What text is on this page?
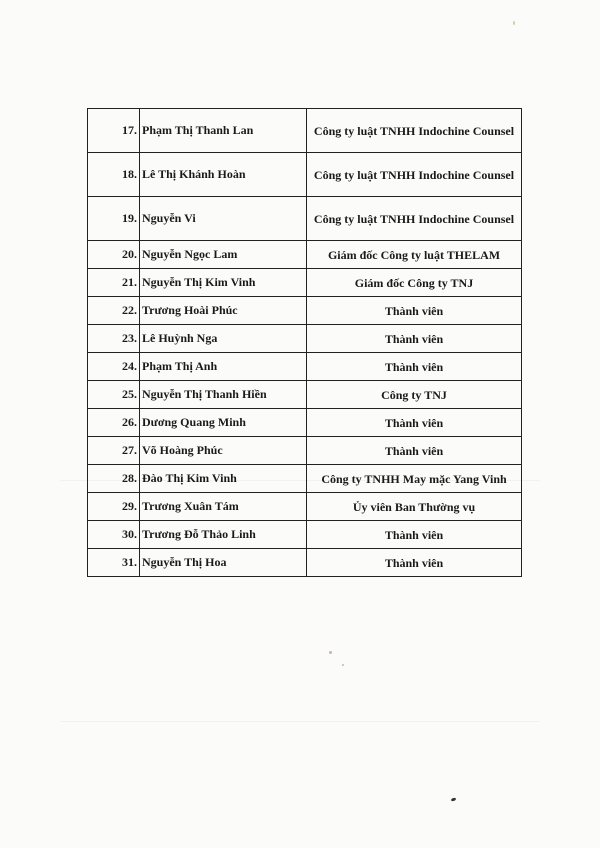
17.	Phạm Thị Thanh Lan	Công ty luật TNHH Indochine Counsel
18.	Lê Thị Khánh Hoàn	Công ty luật TNHH Indochine Counsel
19.	Nguyễn Vi	Công ty luật TNHH Indochine Counsel
20.	Nguyễn Ngọc Lam	Giám đốc Công ty luật THELAM
21.	Nguyễn Thị Kim Vinh	Giám đốc Công ty TNJ
22.	Trương Hoài Phúc	Thành viên
23.	Lê Huỳnh Nga	Thành viên
24.	Phạm Thị Anh	Thành viên
25.	Nguyễn Thị Thanh Hiền	Công ty TNJ
26.	Dương Quang Minh	Thành viên
27.	Võ Hoàng Phúc	Thành viên
28.	Đào Thị Kim Vinh	Công ty TNHH May mặc Yang Vinh
29.	Trương Xuân Tám	Ủy viên Ban Thường vụ
30.	Trương Đỗ Thảo Linh	Thành viên
31.	Nguyễn Thị Hoa	Thành viên
